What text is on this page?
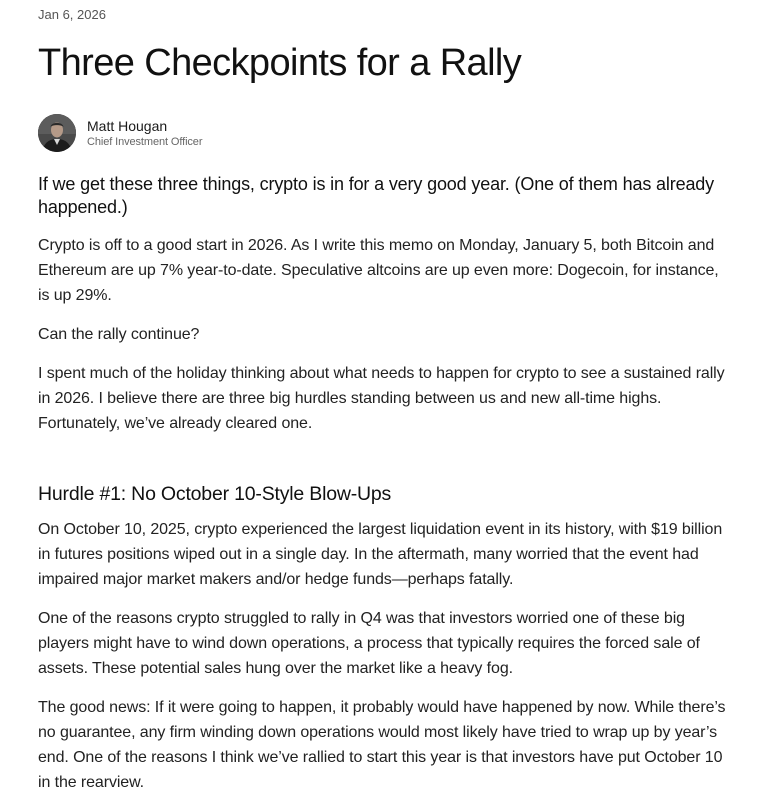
Jan 6, 2026
Three Checkpoints for a Rally
Matt Hougan
Chief Investment Officer

If we get these three things, crypto is in for a very good year. (One of them has already happened.)

Crypto is off to a good start in 2026. As I write this memo on Monday, January 5, both Bitcoin and Ethereum are up 7% year-to-date. Speculative altcoins are up even more: Dogecoin, for instance, is up 29%.

Can the rally continue?

I spent much of the holiday thinking about what needs to happen for crypto to see a sustained rally in 2026. I believe there are three big hurdles standing between us and new all-time highs. Fortunately, we’ve already cleared one.

Hurdle #1: No October 10-Style Blow-Ups

On October 10, 2025, crypto experienced the largest liquidation event in its history, with $19 billion in futures positions wiped out in a single day. In the aftermath, many worried that the event had impaired major market makers and/or hedge funds—perhaps fatally.

One of the reasons crypto struggled to rally in Q4 was that investors worried one of these big players might have to wind down operations, a process that typically requires the forced sale of assets. These potential sales hung over the market like a heavy fog.

The good news: If it were going to happen, it probably would have happened by now. While there’s no guarantee, any firm winding down operations would most likely have tried to wrap up by year’s end. One of the reasons I think we’ve rallied to start this year is that investors have put October 10 in the rearview.
